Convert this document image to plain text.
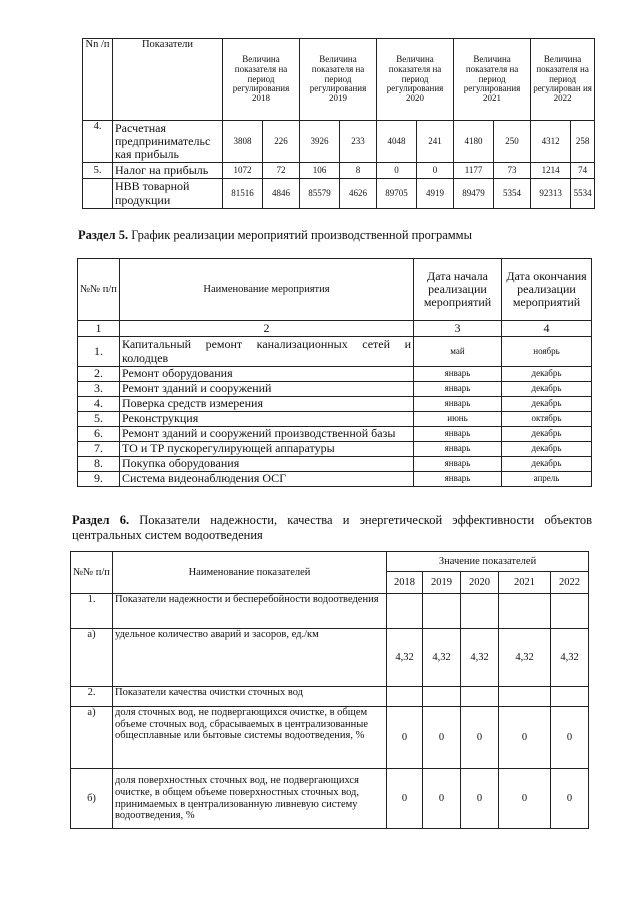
Nn /п	Показатели	Величина показателя на период регулирования 2018		Величина показателя на период регулирования 2019		Величина показателя на период регулирования 2020		Величина показателя на период регулирования 2021		Величина показателя на период регулирован ия 2022	
4.	Расчетная предпринимательс кая прибыль	3808	226	3926	233	4048	241	4180	250	4312	258
5.	Налог на прибыль	1072	72	106	8	0	0	1177	73	1214	74
	НВВ товарной продукции	81516	4846	85579	4626	89705	4919	89479	5354	92313	5534
Раздел 5. График реализации мероприятий производственной программы
№№ п/п	Наименование мероприятия	Дата начала реализации мероприятий	Дата окончания реализации мероприятий
1	2	3	4
1.	Капитальный ремонт канализационных сетей и колодцев	май	ноябрь
2.	Ремонт оборудования	январь	декабрь
3.	Ремонт зданий и сооружений	январь	декабрь
4.	Поверка средств измерения	январь	декабрь
5.	Реконструкция	июнь	октябрь
6.	Ремонт зданий и сооружений производственной базы	январь	декабрь
7.	ТО и ТР пускорегулирующей аппаратуры	январь	декабрь
8.	Покупка оборудования	январь	декабрь
9.	Система видеонаблюдения ОСГ	январь	апрель
Раздел 6. Показатели надежности, качества и энергетической эффективности объектов центральных систем водоотведения
№№ п/п	Наименование показателей	Значение показателей				
		2018	2019	2020	2021	2022
1.	Показатели надежности и бесперебойности водоотведения					
а)	удельное количество аварий и засоров, ед./км	4,32	4,32	4,32	4,32	4,32
2.	Показатели качества очистки сточных вод					
а)	доля сточных вод, не подвергающихся очистке, в общем объеме сточных вод, сбрасываемых в централизованные общесплавные или бытовые системы водоотведения, %	0	0	0	0	0
б)	доля поверхностных сточных вод, не подвергающихся очистке, в общем объеме поверхностных сточных вод, принимаемых в централизованную ливневую систему водоотведения, %	0	0	0	0	0
